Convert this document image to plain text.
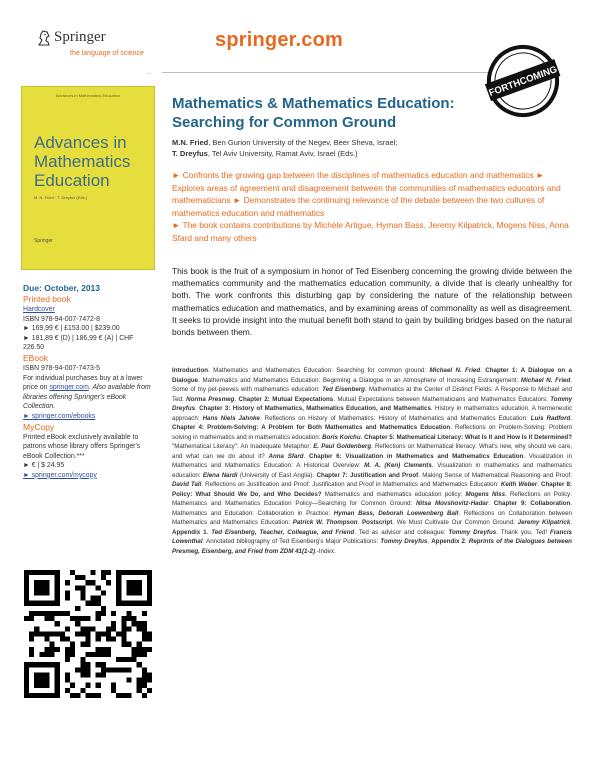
Springer
the language of science
springer.com
...
Advances in Mathematics Education
Advances in Mathematics Education
M. N. Fried · T. Dreyfus (Eds.)
Springer
FORTHCOMING
Mathematics & Mathematics Education:
Searching for Common Ground
M.N. Fried, Ben Gurion University of the Negev, Beer Sheva, Israel;
T. Dreyfus, Tel Aviv University, Ramat Aviv, Israel (Eds.)
► Confronts the growing gap between the disciplines of mathematics education and mathematics ► Explores areas of agreement and disagreement between the communities of mathematics educators and mathematicians ► Demonstrates the continuing relevance of the debate between the two cultures of mathematics education and mathematics
► The book contains contributions by Michèle Artigue, Hyman Bass, Jeremy Kilpatrick, Mogens Niss, Anna Sfard and many others
This book is the fruit of a symposium in honor of Ted Eisenberg concerning the growing divide between the mathematics community and the mathematics education community, a divide that is clearly unhealthy for both. The work confronts this disturbing gap by considering the nature of the relationship between mathematics education and mathematics, and by examining areas of commonality as well as disagreement. It seeks to provide insight into the mutual benefit both stand to gain by building bridges based on the natural bonds between them.
Introduction. Mathematics and Mathematics Education: Searching for common ground: Michael N. Fried. Chapter 1: A Dialogue on a Dialogue. Mathematics and Mathematics Education: Beginning a Dialogue in an Atmosphere of Increasing Estrangement: Michael N. Fried. Some of my pet-peeves with mathematics education: Ted Eisenberg. Mathematics at the Center of Distinct Fields: A Response to Michael and Ted: Norma Presmeg. Chapter 2: Mutual Expectations. Mutual Expectations between Mathematicians and Mathematics Educators: Tommy Dreyfus. Chapter 3: History of Mathematics, Mathematics Education, and Mathematics. History in mathematics education. A hermeneutic approach: Hans Niels Jahnke. Reflections on History of Mathematics: History of Mathematics and Mathematics Education: Luis Radford. Chapter 4: Problem-Solving: A Problem for Both Mathematics and Mathematics Education. Reflections on Problem-Solving: Problem solving in mathematics and in mathematics education: Boris Koichu. Chapter 5: Mathematical Literacy: What Is It and How Is It Determined? "Mathematical Literacy": An Inadequate Metaphor: E. Paul Goldenberg. Reflections on Mathematical literacy: What's new, why should we care, and what can we do about it? Anna Sfard. Chapter 6: Visualization in Mathematics and Mathematics Education. Visualization in Mathematics and Mathematics Education: A Historical Overview: M. A. (Ken) Clements. Visualization in mathematics and mathematics education: Elena Nardi (University of East Anglia). Chapter 7: Justification and Proof. Making Sense of Mathematical Reasoning and Proof: David Tall. Reflections on Justification and Proof: Justification and Proof in Mathematics and Mathematics Education: Keith Weber. Chapter 8: Policy: What Should We Do, and Who Decides? Mathematics and mathematics education policy: Mogens Niss. Reflections on Policy: Mathematics and Mathematics Education Policy—Searching for Common Ground: Nitsa Movshovitz-Hadar. Chapter 9: Collaboration. Mathematics and Education: Collaboration in Practice: Hyman Bass, Deborah Loewenberg Ball. Reflections on Collaboration between Mathematics and Mathematics Education: Patrick W. Thompson. Postscript. We Must Cultivate Our Common Ground: Jeremy Kilpatrick. Appendix 1. Ted Eisenberg, Teacher, Colleague, and Friend. Ted as advisor and colleague: Tommy Dreyfus. Thank you, Ted! Francis Lowenthal. Annotated bibliography of Ted Eisenberg's Major Publications: Tommy Dreyfus. Appendix 2. Reprints of the Dialogues between Presmeg, Eisenberg, and Fried from ZDM 41(1-2).-Index.
Due: October, 2013
Printed book
Hardcover
ISBN 978-94-007-7472-8
► 169,99 € | £153.00 | $239.00
► 181,89 € (D) | 186,99 € (A) | CHF 226.50
EBook
ISBN 978-94-007-7473-5
For individual purchases buy at a lower price on springer.com. Also available from libraries offering Springer's eBook Collection.
► springer.com/ebooks
MyCopy
Printed eBook exclusively available to patrons whose library offers Springer's eBook Collection.***
► € | $ 24.95
► springer.com/mycopy
